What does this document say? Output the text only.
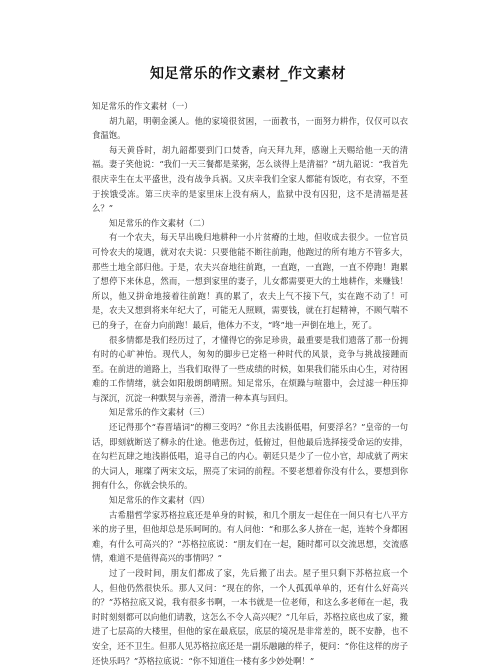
知足常乐的作文素材_作文素材

知足常乐的作文素材（一）

胡九韶，明朝金溪人。他的家境很贫困，一面教书，一面努力耕作，仅仅可以衣食温饱。

每天黄昏时，胡九韶都要到门口焚香，向天拜九拜，感谢上天赐给他一天的清福。妻子笑他说：“我们一天三餐都是菜粥，怎么谈得上是清福？”胡九韶说：“我首先很庆幸生在太平盛世，没有战争兵祸。又庆幸我们全家人都能有饭吃，有衣穿，不至于挨饿受冻。第三庆幸的是家里床上没有病人，监狱中没有囚犯，这不是清福是甚么？”

知足常乐的作文素材（二）

有一个农夫，每天早出晚归地耕种一小片贫瘠的土地，但收成去很少。一位官员可怜农夫的境遇，就对农夫说：只要他能不断往前跑，他跑过的所有地方不管多大，那些土地全部归他。于是，农夫兴奋地往前跑，一直跑，一直跑，一直不停跑！跑累了想停下来休息，然而，一想到家里的妻子，儿女都需要更大的土地耕作，来赚钱！所以，他又拼命地接着往前跑！真的累了，农夫上气不接下气，实在跑不动了！可是，农夫又想到将来年纪大了，可能无人照顾，需要钱，就在打起精神，不顾气喘不已的身子，在奋力向前跑！最后，他体力不支，“咚”地一声倒在地上，死了。

很多情都是我们经历过了，才懂得它的弥足珍贵，最重要是我们遗落了那一份拥有时的心旷神怡。现代人，匆匆的脚步已定格一种时代的风景，竞争与挑战接踵而至。在前进的道路上，当我们取得了一些成绩的时候，如果我们能乐由心生，对待困难的工作情绪，就会如阳般朗朗晴照。知足常乐，在烦躁与喧嚣中，会过滤一种压抑与深沉，沉淀一种默契与亲善，滑清一种本真与回归。

知足常乐的作文素材（三）

还记得那个“春晋墙词”的柳三变吗？“你且去浅斟低唱，何要浮名？”皇帝的一句话，即刻就断送了柳永的仕途。他悲伤过，低俯过，但他最后选择接受命运的安排，在勾栏瓦肆之地浅斟低唱，追寻自己的内心。朝廷只是少了一位小官，却成就了两宋的大词人，璀璨了两宋文坛，照亮了宋词的前程。不要老想着你没有什么，要想到你拥有什么，你就会快乐的。

知足常乐的作文素材（四）

古希腊哲学家苏格拉底还是单身的时候，和几个朋友一起住在一间只有七八平方米的房子里，但他却总是乐呵呵的。有人问他：“和那么多人挤在一起，连转个身都困难，有什么可高兴的？”苏格拉底说：“朋友们在一起，随时都可以交流思想，交流感情，难道不是值得高兴的事情吗？”

过了一段时间，朋友们都成了家，先后搬了出去。屋子里只剩下苏格拉底一个人，但他仍然很快乐。那人又问：“现在的你，一个人孤孤单单的，还有什么好高兴的？”苏格拉底又说，我有很多书啊，一本书就是一位老师，和这么多老师在一起，我时时刻刻都可以向他们请教，这怎么不令人高兴呢？”几年后，苏格拉底也成了家，搬进了七层高的大楼里，但他的家在最底层，底层的境况是非常差的，既不安静，也不安全，还不卫生。但那人见苏格拉底还是一副乐融融的样子，便问：“你住这样的房子还快乐吗？”苏格拉底说：“你不知道住一楼有多少妙处啊！”
